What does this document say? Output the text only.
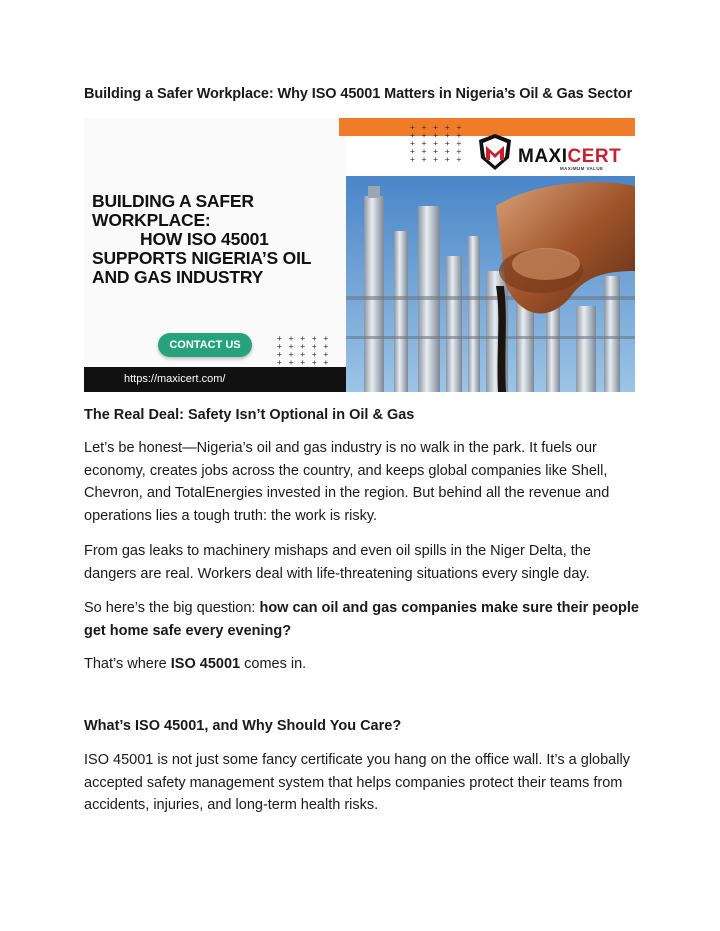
Building a Safer Workplace: Why ISO 45001 Matters in Nigeria’s Oil & Gas Sector
+ + + + +
+ + + + +
+ + + + +
+ + + + +
+ + + + +	MAXICERT
MAXIMUM VALUE
BUILDING A SAFER
WORKPLACE:
HOW ISO 45001
SUPPORTS NIGERIA’S OIL
AND GAS INDUSTRY
CONTACT US
+ + + + +
+ + + + +
+ + + + +
+ + + + +

https://maxicert.com/
The Real Deal: Safety Isn’t Optional in Oil & Gas
Let’s be honest—Nigeria’s oil and gas industry is no walk in the park. It fuels our economy, creates jobs across the country, and keeps global companies like Shell, Chevron, and TotalEnergies invested in the region. But behind all the revenue and operations lies a tough truth: the work is risky.
From gas leaks to machinery mishaps and even oil spills in the Niger Delta, the dangers are real. Workers deal with life-threatening situations every single day.
So here’s the big question: how can oil and gas companies make sure their people get home safe every evening?
That’s where ISO 45001 comes in.
What’s ISO 45001, and Why Should You Care?
ISO 45001 is not just some fancy certificate you hang on the office wall. It’s a globally accepted safety management system that helps companies protect their teams from accidents, injuries, and long-term health risks.
